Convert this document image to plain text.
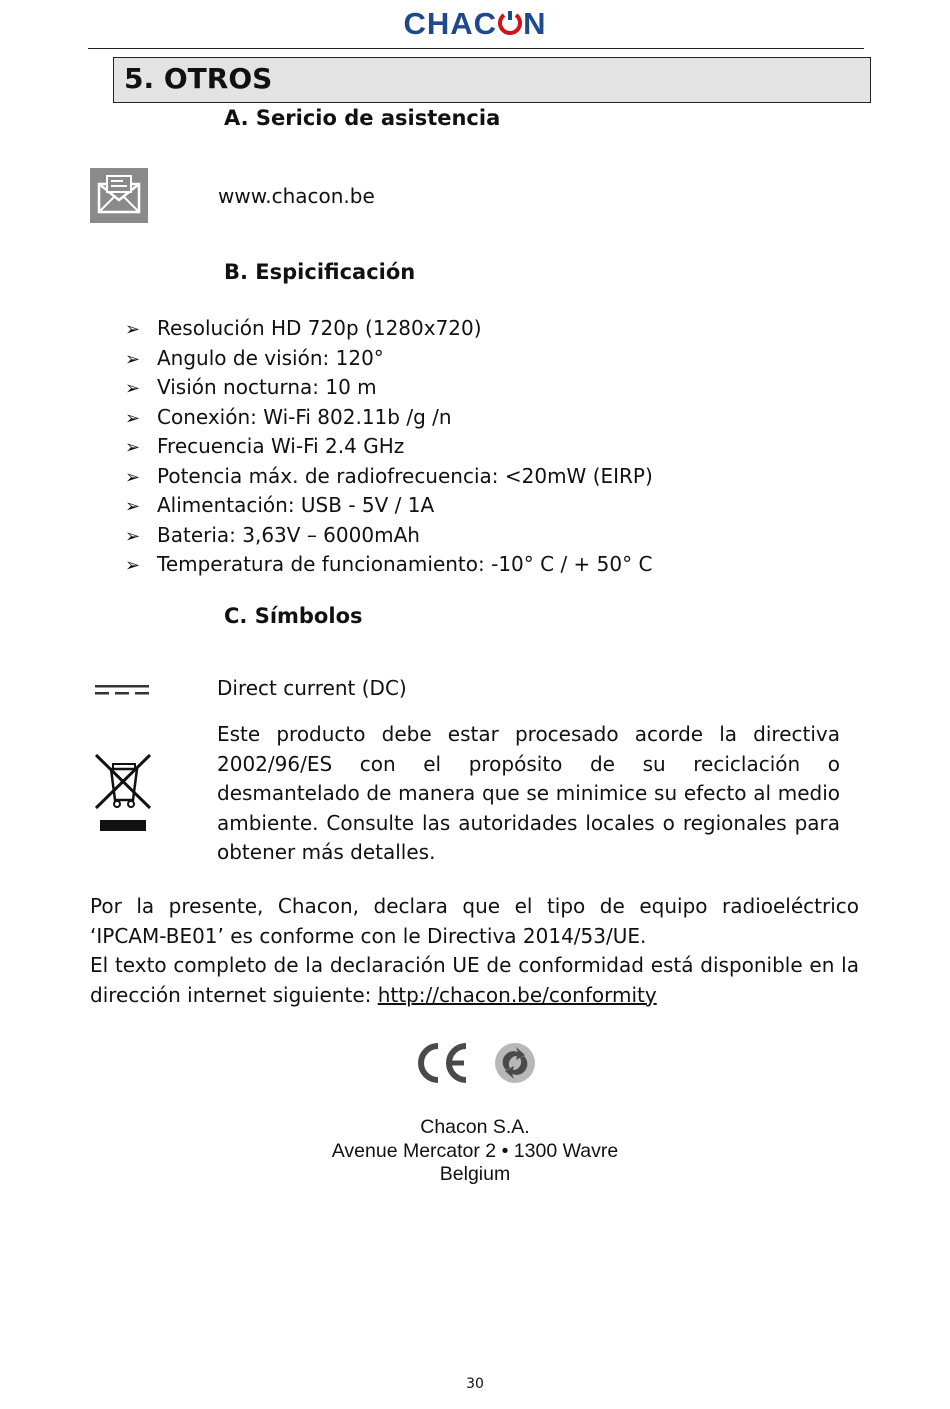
CHAC N
5. OTROS
A. Sericio de asistencia
www.chacon.be
B. Espicificación
➢ Resolución HD 720p (1280x720)
➢ Angulo de visión: 120°
➢ Visión nocturna: 10 m
➢ Conexión: Wi-Fi 802.11b /g /n
➢ Frecuencia Wi-Fi 2.4 GHz
➢ Potencia máx. de radiofrecuencia: <20mW (EIRP)
➢ Alimentación: USB - 5V / 1A
➢ Bateria: 3,63V – 6000mAh
➢ Temperatura de funcionamiento: -10° C / + 50° C
C. Símbolos
Direct current (DC)
Este producto debe estar procesado acorde la directiva 2002/96/ES con el propósito de su reciclación o desmantelado de manera que se minimice su efecto al medio ambiente. Consulte las autoridades locales o regionales para obtener más detalles.
Por la presente, Chacon, declara que el tipo de equipo radioeléctrico ‘IPCAM-BE01’ es conforme con le Directiva 2014/53/UE.
El texto completo de la declaración UE de conformidad está disponible en la dirección internet siguiente: http://chacon.be/conformity
Chacon S.A.
Avenue Mercator 2 • 1300 Wavre
Belgium
30
